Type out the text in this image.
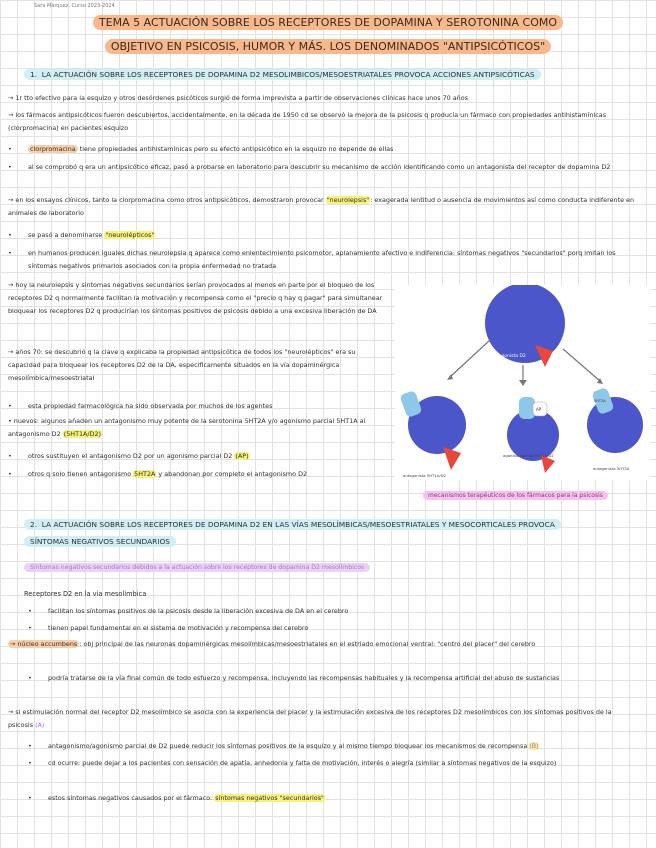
Sara Márquez. Curso 2023-2024
TEMA 5 ACTUACIÓN SOBRE LOS RECEPTORES DE DOPAMINA Y SEROTONINA COMO
OBJETIVO EN PSICOSIS, HUMOR Y MÁS. LOS DENOMINADOS "ANTIPSICÓTICOS"
1. LA ACTUACIÓN SOBRE LOS RECEPTORES DE DOPAMINA D2 MESOLIMBICOS/MESOESTRIATALES PROVOCA ACCIONES ANTIPSICÓTICAS
→ 1r tto efectivo para la esquizo y otros desórdenes psicóticos surgió de forma imprevista a partir de observaciones clínicas hace unos 70 años
→ los fármacos antipsicóticos fueron descubiertos, accidentalmente, en la década de 1950 cd se observó la mejora de la psicosis q producía un fármaco con propiedades antihistamínicas (clorpromacina) en pacientes esquizo
• clorpromacina tiene propiedades antihistamínicas pero su efecto antipsicótico en la esquizo no depende de ellas
• al se comprobó q era un antipsicótico eficaz, pasó a probarse en laboratorio para descubrir su mecanismo de acción identificando como un antagonista del receptor de dopamina D2
→ en los ensayos clínicos, tanto la clorpromacina como otros antipsicóticos, demostraron provocar "neurolepsis": exagerada lentitud o ausencia de movimientos así como conducta indiferente en animales de laboratorio
• se pasó a denominarse "neurolépticos"
• en humanos producen iguales dichas neurolepsia q aparece como enlentecimiento psicomotor, aplanamiento afectivo e indiferencia: síntomas negativos "secundarios" porq imitan los síntomas negativos primarios asociados con la propia enfermedad no tratada
→ hoy la neurolepsis y síntomas negativos secundarios serían provocados al menos en parte por el bloqueo de los receptores D2 q normalmente facilitan la motivación y recompensa como el "precio q hay q pagar" para simultanear bloquear los receptores D2 q producirían los síntomas positivos de psicosis debido a una excesiva liberación de DA
→ años 70: se descubrió q la clave q explicaba la propiedad antipsicótica de todos los "neurolépticos" era su capacidad para bloquear los receptores D2 de la DA, especificamente situados en la vía dopaminérgica mesolímbica/mesoestriatal
• esta propiedad farmacológica ha sido observada por muchos de los agentes
• nuevos: algunos añaden un antagonismo muy potente de la serotonina 5HT2A y/o agonismo parcial 5HT1A al antagonismo D2 (5HT1A/D2)
• otros sustituyen el antagonismo D2 por un agonismo parcial D2 (AP)
• otros q solo tienen antagonismo 5HT2A y abandonan por completo el antagonismo D2
Antagonista D2
antagonista 5HT1A/D2
AP
agonista parcial 5HT1A/D2
5HT2A
antagonista 5HT2A
mecanismos terapéuticos de los fármacos para la psicosis
2. LA ACTUACIÓN SOBRE LOS RECEPTORES DE DOPAMINA D2 EN LAS VÍAS MESOLÍMBICAS/MESOESTRIATALES Y MESOCORTICALES PROVOCA
SÍNTOMAS NEGATIVOS SECUNDARIOS
Síntomas negativos secundarios debidos a la actuación sobre los receptores de dopamina D2 mesolímbicos
Receptores D2 en la vía mesolímbica
• facilitan los síntomas positivos de la psicosis desde la liberación excesiva de DA en el cerebro
• tienen papel fundamental en el sistema de motivación y recompensa del cerebro
→ núcleo accumbens : obj principal de las neuronas dopaminérgicas mesolímbicas/mesoestriatales en el estriado emocional ventral: "centro del placer" del cerebro
• podría tratarse de la vía final común de todo esfuerzo y recompensa, incluyendo las recompensas habituales y la recompensa artificial del abuso de sustancias
→ si estimulación normal del receptor D2 mesolímbico se asocia con la experiencia del placer y la estimulación excesiva de los receptores D2 mesolímbicos con los síntomas positivos de la psicosis (A)
• antagonismo/agonismo parcial de D2 puede reducir los síntomas positivos de la esquizo y al mismo tiempo bloquear los mecanismos de recompensa (B)
• cd ocurre: puede dejar a los pacientes con sensación de apatía, anhedonia y falta de motivación, interés o alegría (similar a síntomas negativos de la esquizo)
• estos síntomas negativos causados por el fármaco: síntomas negativos "secundarios"
